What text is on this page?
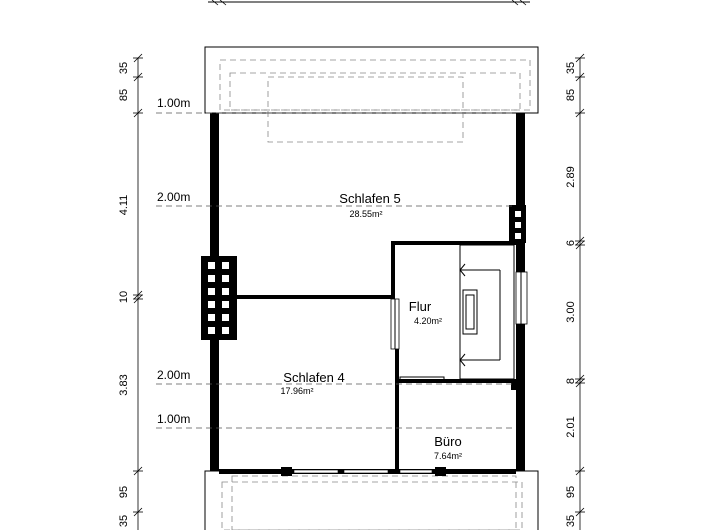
1.00m
2.00m
2.00m
1.00m
Schlafen 5
28.55m²
Flur
4.20m²
Schlafen 4
17.96m²
Büro
7.64m²
35
85
4.11
10
3.83
95
35
35
85
2.89
6
3.00
8
2.01
95
35
